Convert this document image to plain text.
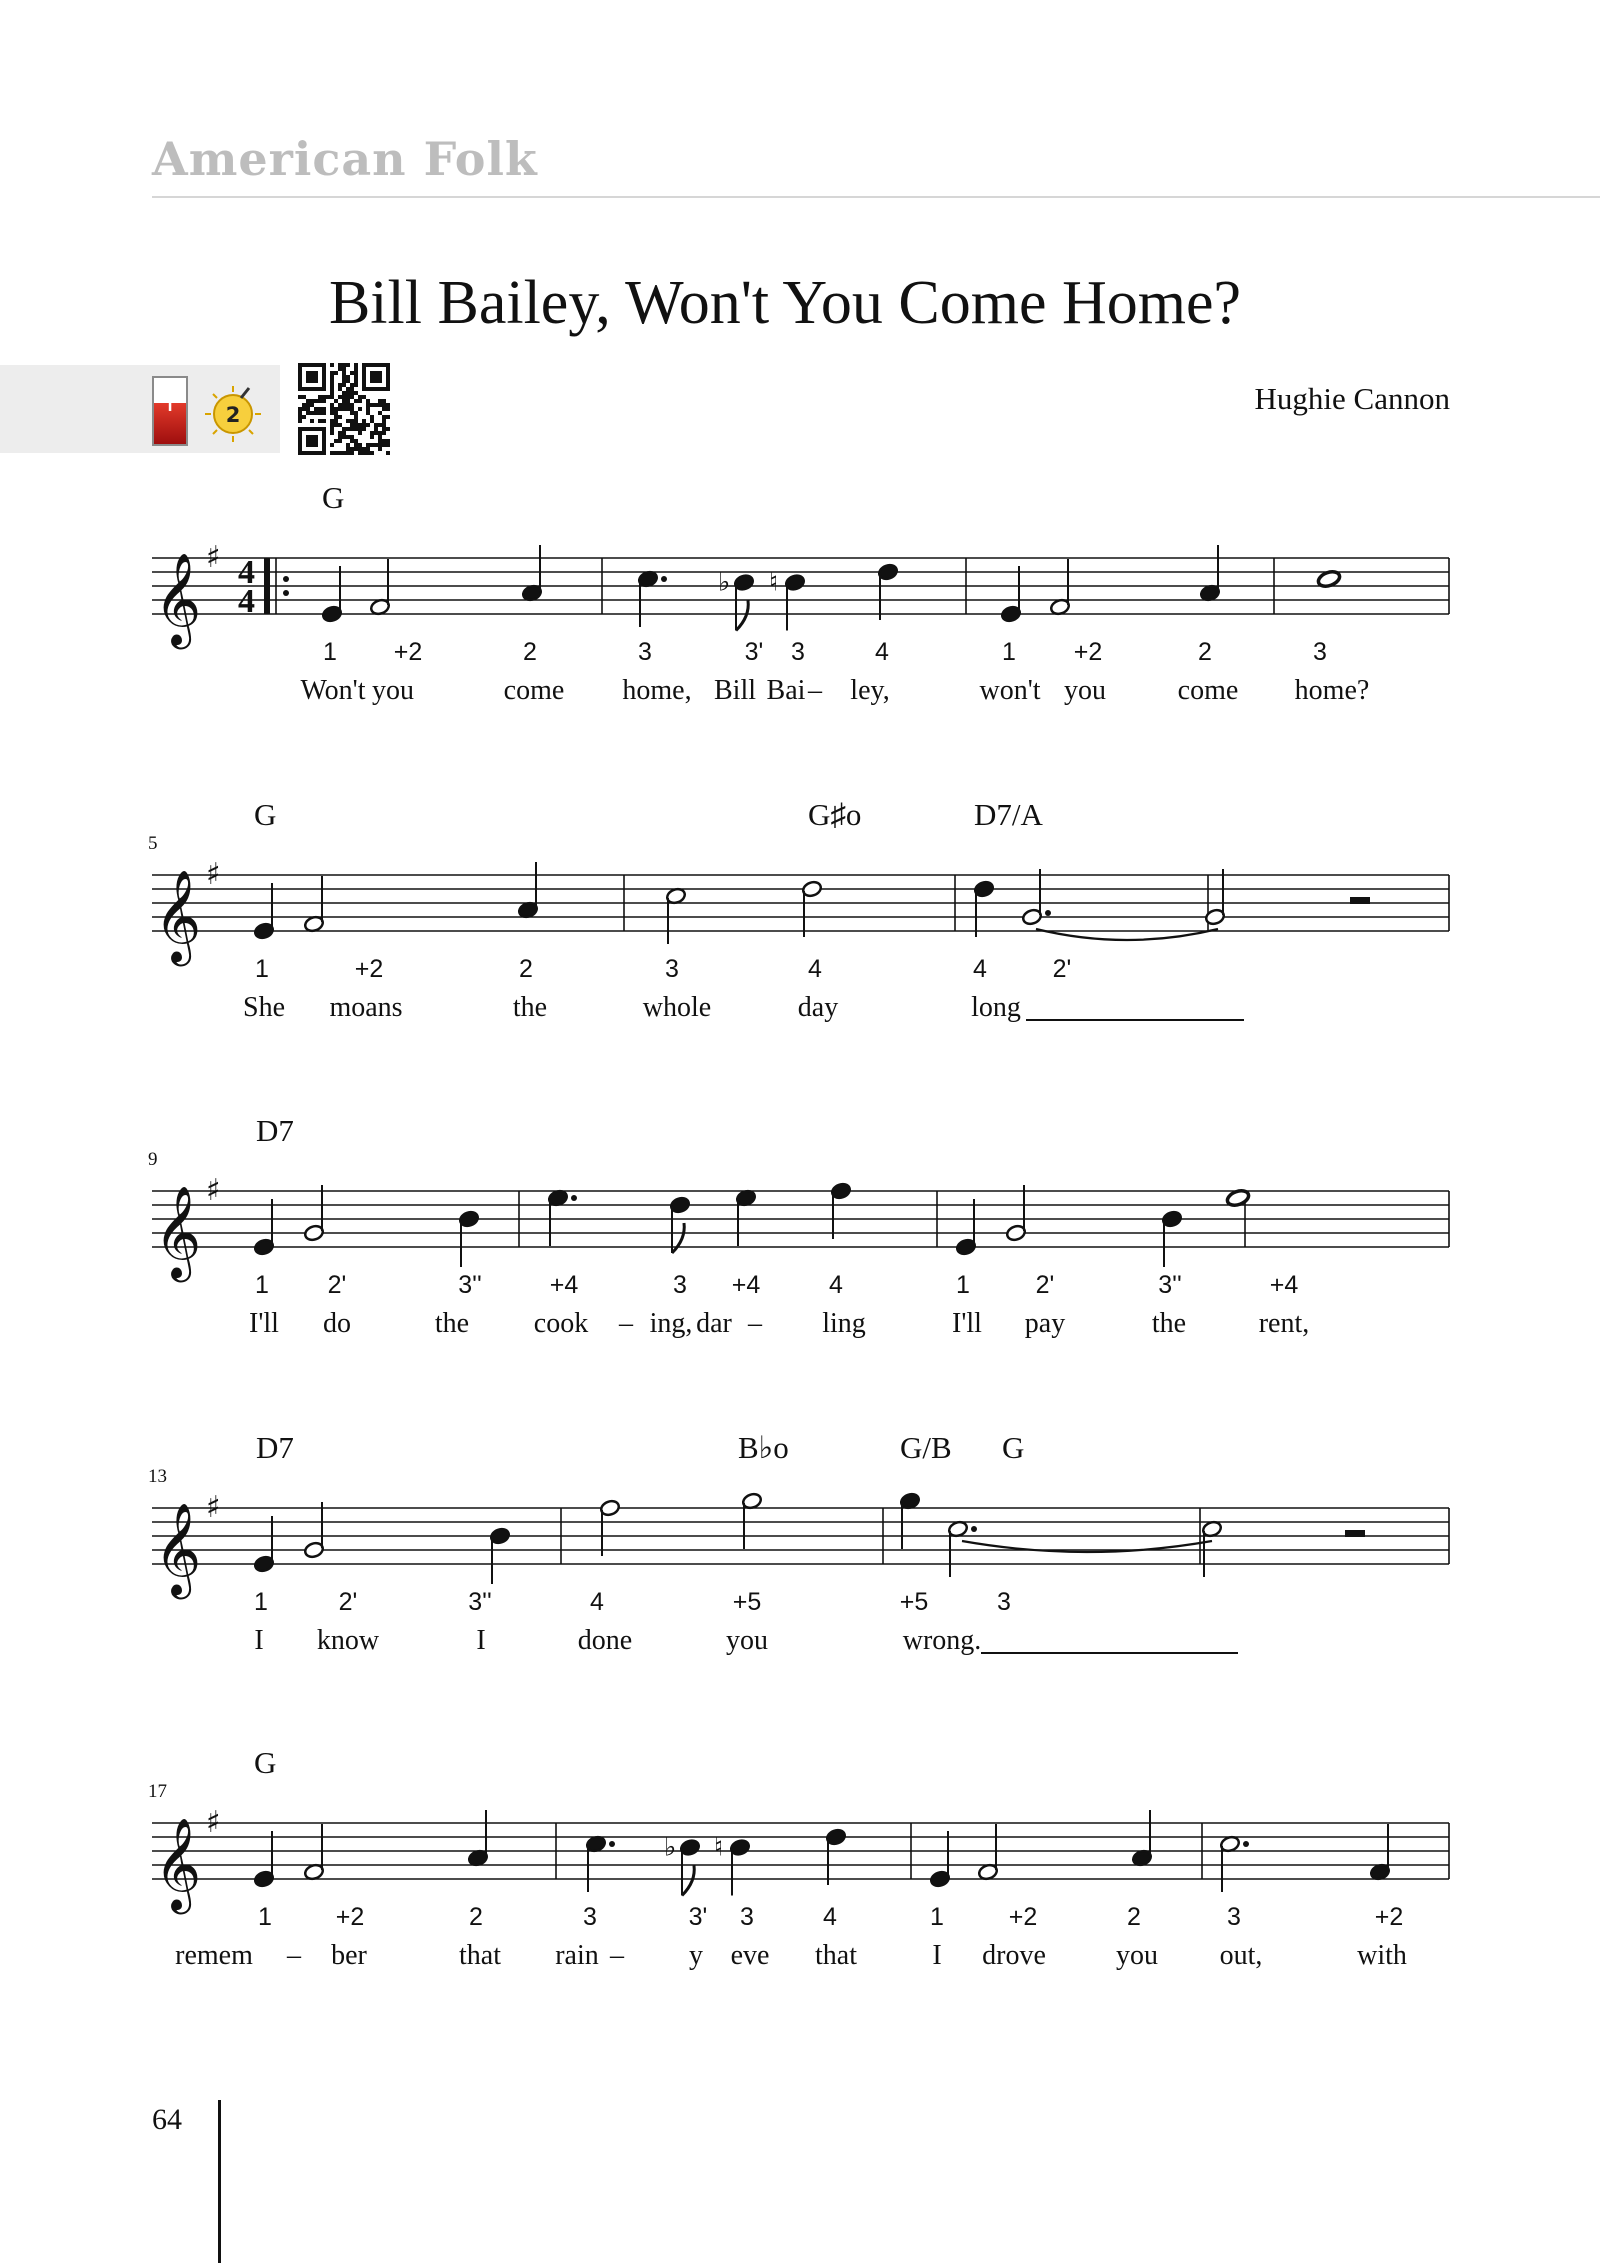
American Folk
Bill Bailey, Won't You Come Home?
I	2	Hughie Cannon
𝄞 ♯ 4
4
♭ ♮
G
1 +2	2	3	3' 3	4	1 +2	2	3
Won't you	come home, Bill Bai – ley,	won't you	come home?
𝄞 ♯
5
G	G♯o	D7/A
1	+2	2	3	4	4	2'
She moans	the	whole	day	long
𝄞 ♯
9
D7
1 2'	3''	+4	3 +4	4	1	2'	3''	+4
I'll do	the cook – ing, dar – ling	I'll pay	the	rent,
𝄞 ♯
13
D7	B♭o	G/B G
1	2'	3''	4	+5	+5	3
I know	I	done	you	wrong.
𝄞 ♯
♭ ♮
17
G
1	+2	2	3	3' 3	4	1	+2	2	3	+2
remem – ber	that rain – y eve that	I drove	you out,	with
64
